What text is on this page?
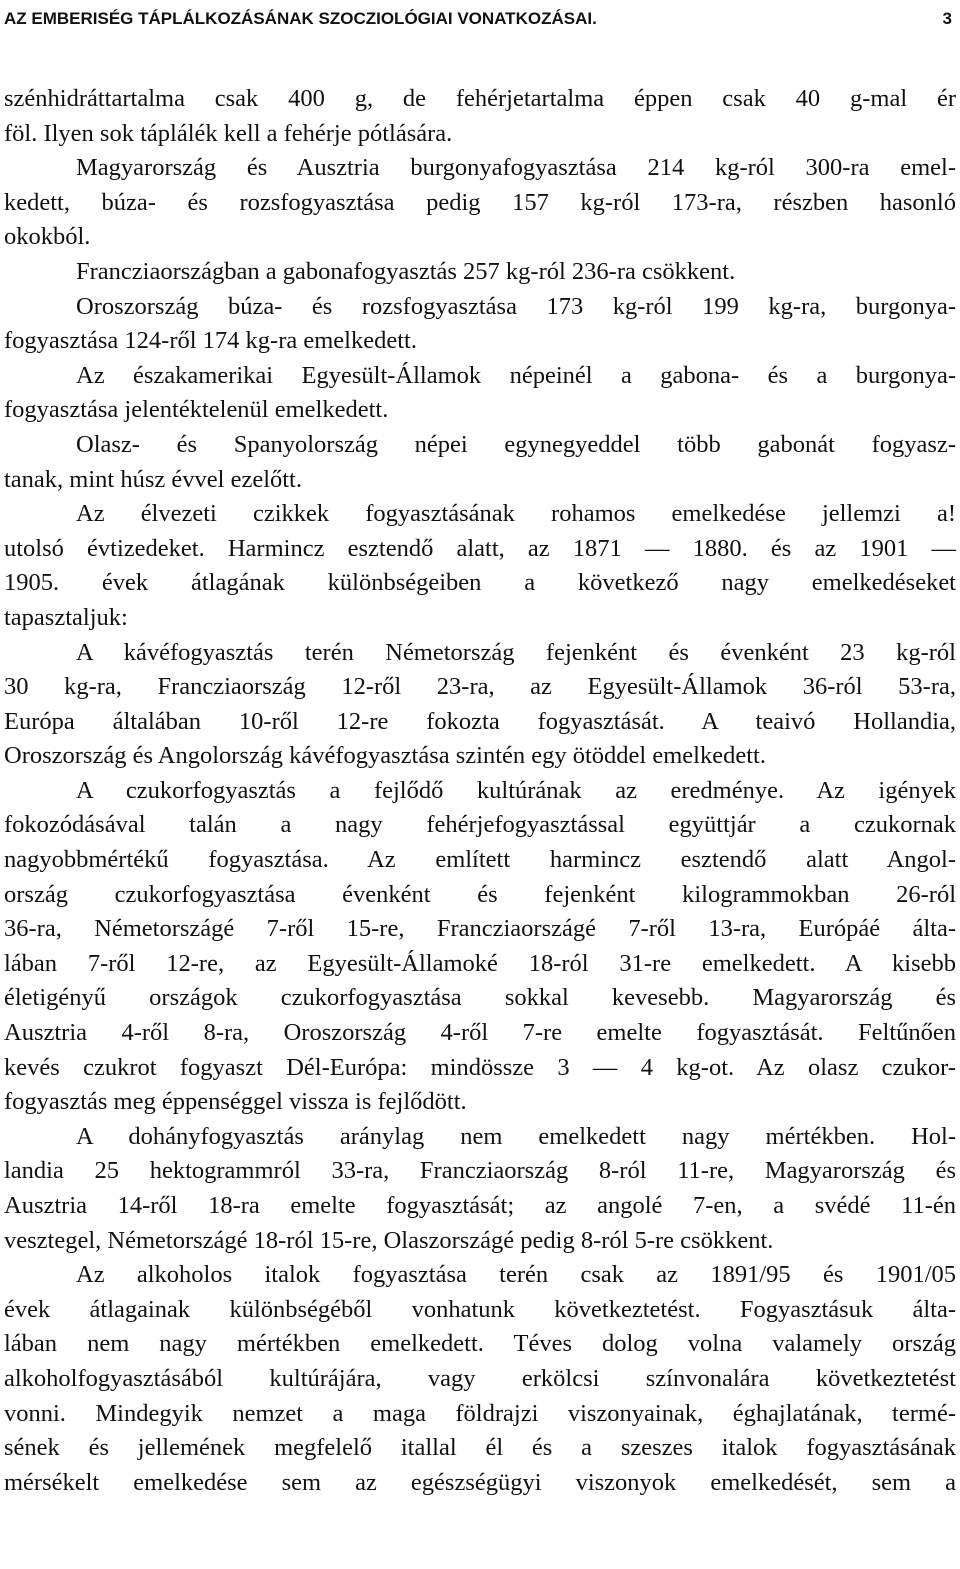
AZ EMBERISÉG TÁPLÁLKOZÁSÁNAK SZOCZIOLÓGIAI VONATKOZÁSAI.	3
szénhidráttartalma csak 400 g, de fehérjetartalma éppen csak 40 g-mal ér
föl. Ilyen sok táplálék kell a fehérje pótlására.
Magyarország és Ausztria burgonyafogyasztása 214 kg-ról 300-ra emel-
kedett, búza- és rozsfogyasztása pedig 157 kg-ról 173-ra, részben hasonló
okokból.
Francziaországban a gabonafogyasztás 257 kg-ról 236-ra csökkent.
Oroszország búza- és rozsfogyasztása 173 kg-ról 199 kg-ra, burgonya-
fogyasztása 124-ről 174 kg-ra emelkedett.
Az északamerikai Egyesült-Államok népeinél a gabona- és a burgonya-
fogyasztása jelentéktelenül emelkedett.
Olasz- és Spanyolország népei egynegyeddel több gabonát fogyasz-
tanak, mint húsz évvel ezelőtt.
Az élvezeti czikkek fogyasztásának rohamos emelkedése jellemzi a!
utolsó évtizedeket. Harmincz esztendő alatt, az 1871 — 1880. és az 1901 —
1905. évek átlagának különbségeiben a következő nagy emelkedéseket
tapasztaljuk:
A kávéfogyasztás terén Németország fejenként és évenként 23 kg-ról
30 kg-ra, Francziaország 12-ről 23-ra, az Egyesült-Államok 36-ról 53-ra,
Európa általában 10-ről 12-re fokozta fogyasztását. A teaivó Hollandia,
Oroszország és Angolország kávéfogyasztása szintén egy ötöddel emelkedett.
A czukorfogyasztás a fejlődő kultúrának az eredménye. Az igények
fokozódásával talán a nagy fehérjefogyasztással együttjár a czukornak
nagyobbmértékű fogyasztása. Az említett harmincz esztendő alatt Angol-
ország czukorfogyasztása évenként és fejenként kilogrammokban 26-ról
36-ra, Németországé 7-ről 15-re, Francziaországé 7-ről 13-ra, Európáé álta-
lában 7-ről 12-re, az Egyesült-Államoké 18-ról 31-re emelkedett. A kisebb
életigényű országok czukorfogyasztása sokkal kevesebb. Magyarország és
Ausztria 4-ről 8-ra, Oroszország 4-ről 7-re emelte fogyasztását. Feltűnően
kevés czukrot fogyaszt Dél-Európa: mindössze 3 — 4 kg-ot. Az olasz czukor-
fogyasztás meg éppenséggel vissza is fejlődött.
A dohányfogyasztás aránylag nem emelkedett nagy mértékben. Hol-
landia 25 hektogrammról 33-ra, Francziaország 8-ról 11-re, Magyarország és
Ausztria 14-ről 18-ra emelte fogyasztását; az angolé 7-en, a svédé 11-én
vesztegel, Németországé 18-ról 15-re, Olaszországé pedig 8-ról 5-re csökkent.
Az alkoholos italok fogyasztása terén csak az 1891/95 és 1901/05
évek átlagainak különbségéből vonhatunk következtetést. Fogyasztásuk álta-
lában nem nagy mértékben emelkedett. Téves dolog volna valamely ország
alkoholfogyasztásából kultúrájára, vagy erkölcsi színvonalára következtetést
vonni. Mindegyik nemzet a maga földrajzi viszonyainak, éghajlatának, termé-
sének és jellemének megfelelő itallal él és a szeszes italok fogyasztásának
mérsékelt emelkedése sem az egészségügyi viszonyok emelkedését, sem a
